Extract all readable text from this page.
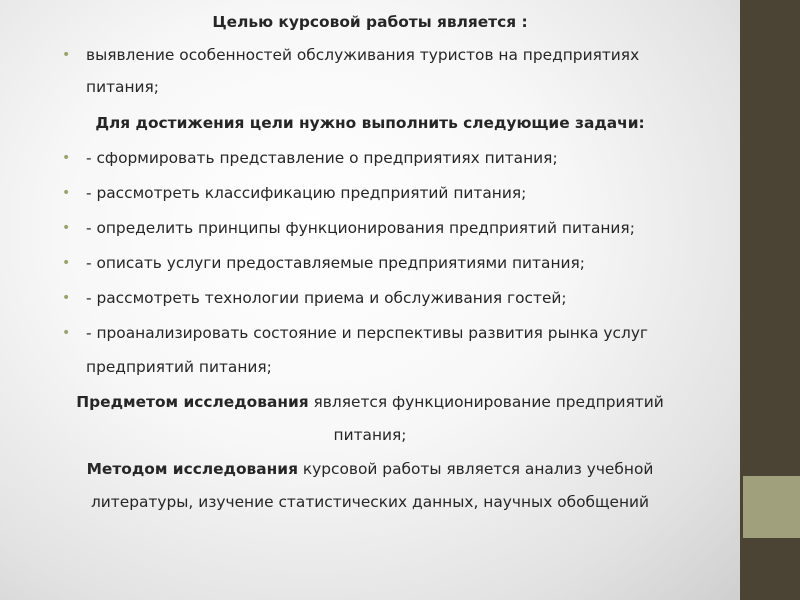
Целью курсовой работы является :
•	выявление особенностей обслуживания туристов на предприятиях
питания;
Для достижения цели нужно выполнить следующие задачи:
•	- сформировать представление о предприятиях питания;
•	- рассмотреть классификацию предприятий питания;
•	- определить принципы функционирования предприятий питания;
•	- описать услуги предоставляемые предприятиями питания;
•	- рассмотреть технологии приема и обслуживания гостей;
•	- проанализировать состояние и перспективы развития рынка услуг
предприятий питания;
Предметом исследования является функционирование предприятий
питания;
Методом исследования курсовой работы является анализ учебной
литературы, изучение статистических данных, научных обобщений
